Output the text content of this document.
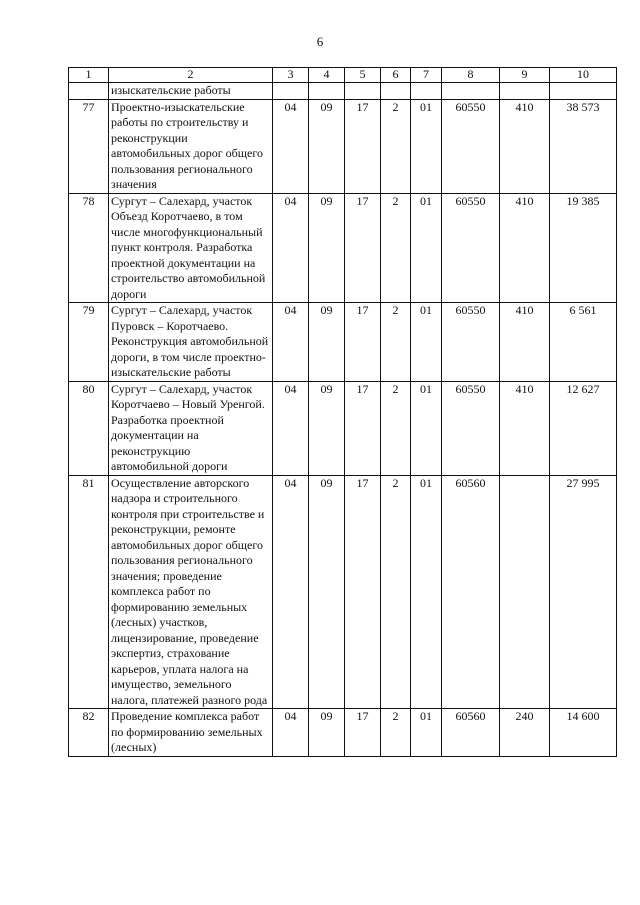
6
1	2	3	4	5	6	7	8	9	10
	изыскательские работы								
77	Проектно-изыскательские работы по строительству и реконструкции автомобильных дорог общего пользования регионального значения	04	09	17	2	01	60550	410	38 573
78	Сургут – Салехард, участок Объезд Коротчаево, в том числе многофункциональный пункт контроля. Разработка проектной документации на строительство автомобильной дороги	04	09	17	2	01	60550	410	19 385
79	Сургут – Салехард, участок Пуровск – Коротчаево. Реконструкция автомобильной дороги, в том числе проектно-изыскательские работы	04	09	17	2	01	60550	410	6 561
80	Сургут – Салехард, участок Коротчаево – Новый Уренгой. Разработка проектной документации на реконструкцию автомобильной дороги	04	09	17	2	01	60550	410	12 627
81	Осуществление авторского надзора и строительного контроля при строительстве и реконструкции, ремонте автомобильных дорог общего пользования регионального значения; проведение комплекса работ по формированию земельных (лесных) участков, лицензирование, проведение экспертиз, страхование карьеров, уплата налога на имущество, земельного налога, платежей разного рода	04	09	17	2	01	60560		27 995
82	Проведение комплекса работ по формированию земельных (лесных)	04	09	17	2	01	60560	240	14 600
